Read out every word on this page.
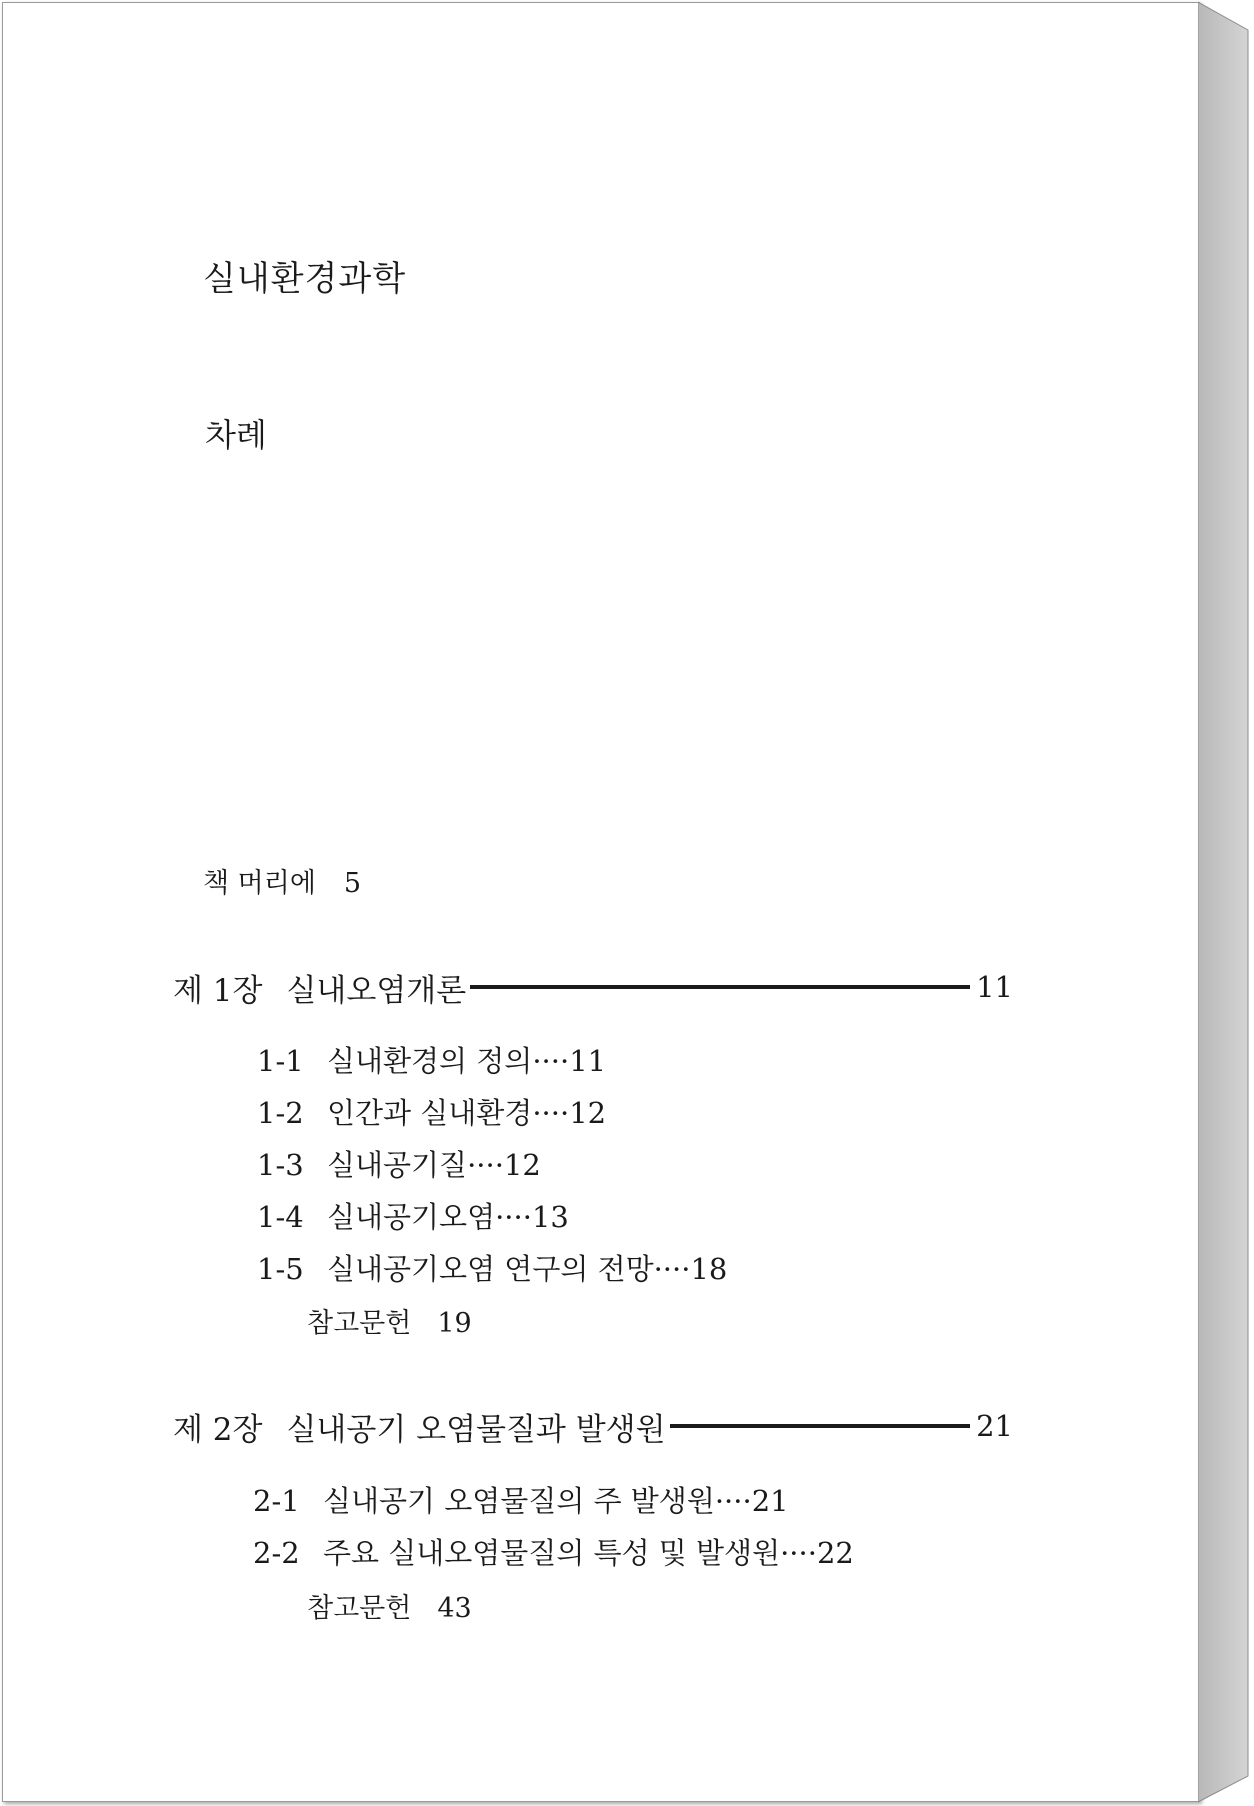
실내환경과학
차례
책 머리에 5
제 1장 실내오염개론	11
1-1 실내환경의 정의····11
1-2 인간과 실내환경····12
1-3 실내공기질····12
1-4 실내공기오염····13
1-5 실내공기오염 연구의 전망····18
참고문헌 19
제 2장 실내공기 오염물질과 발생원	21
2-1 실내공기 오염물질의 주 발생원····21
2-2 주요 실내오염물질의 특성 및 발생원····22
참고문헌 43
